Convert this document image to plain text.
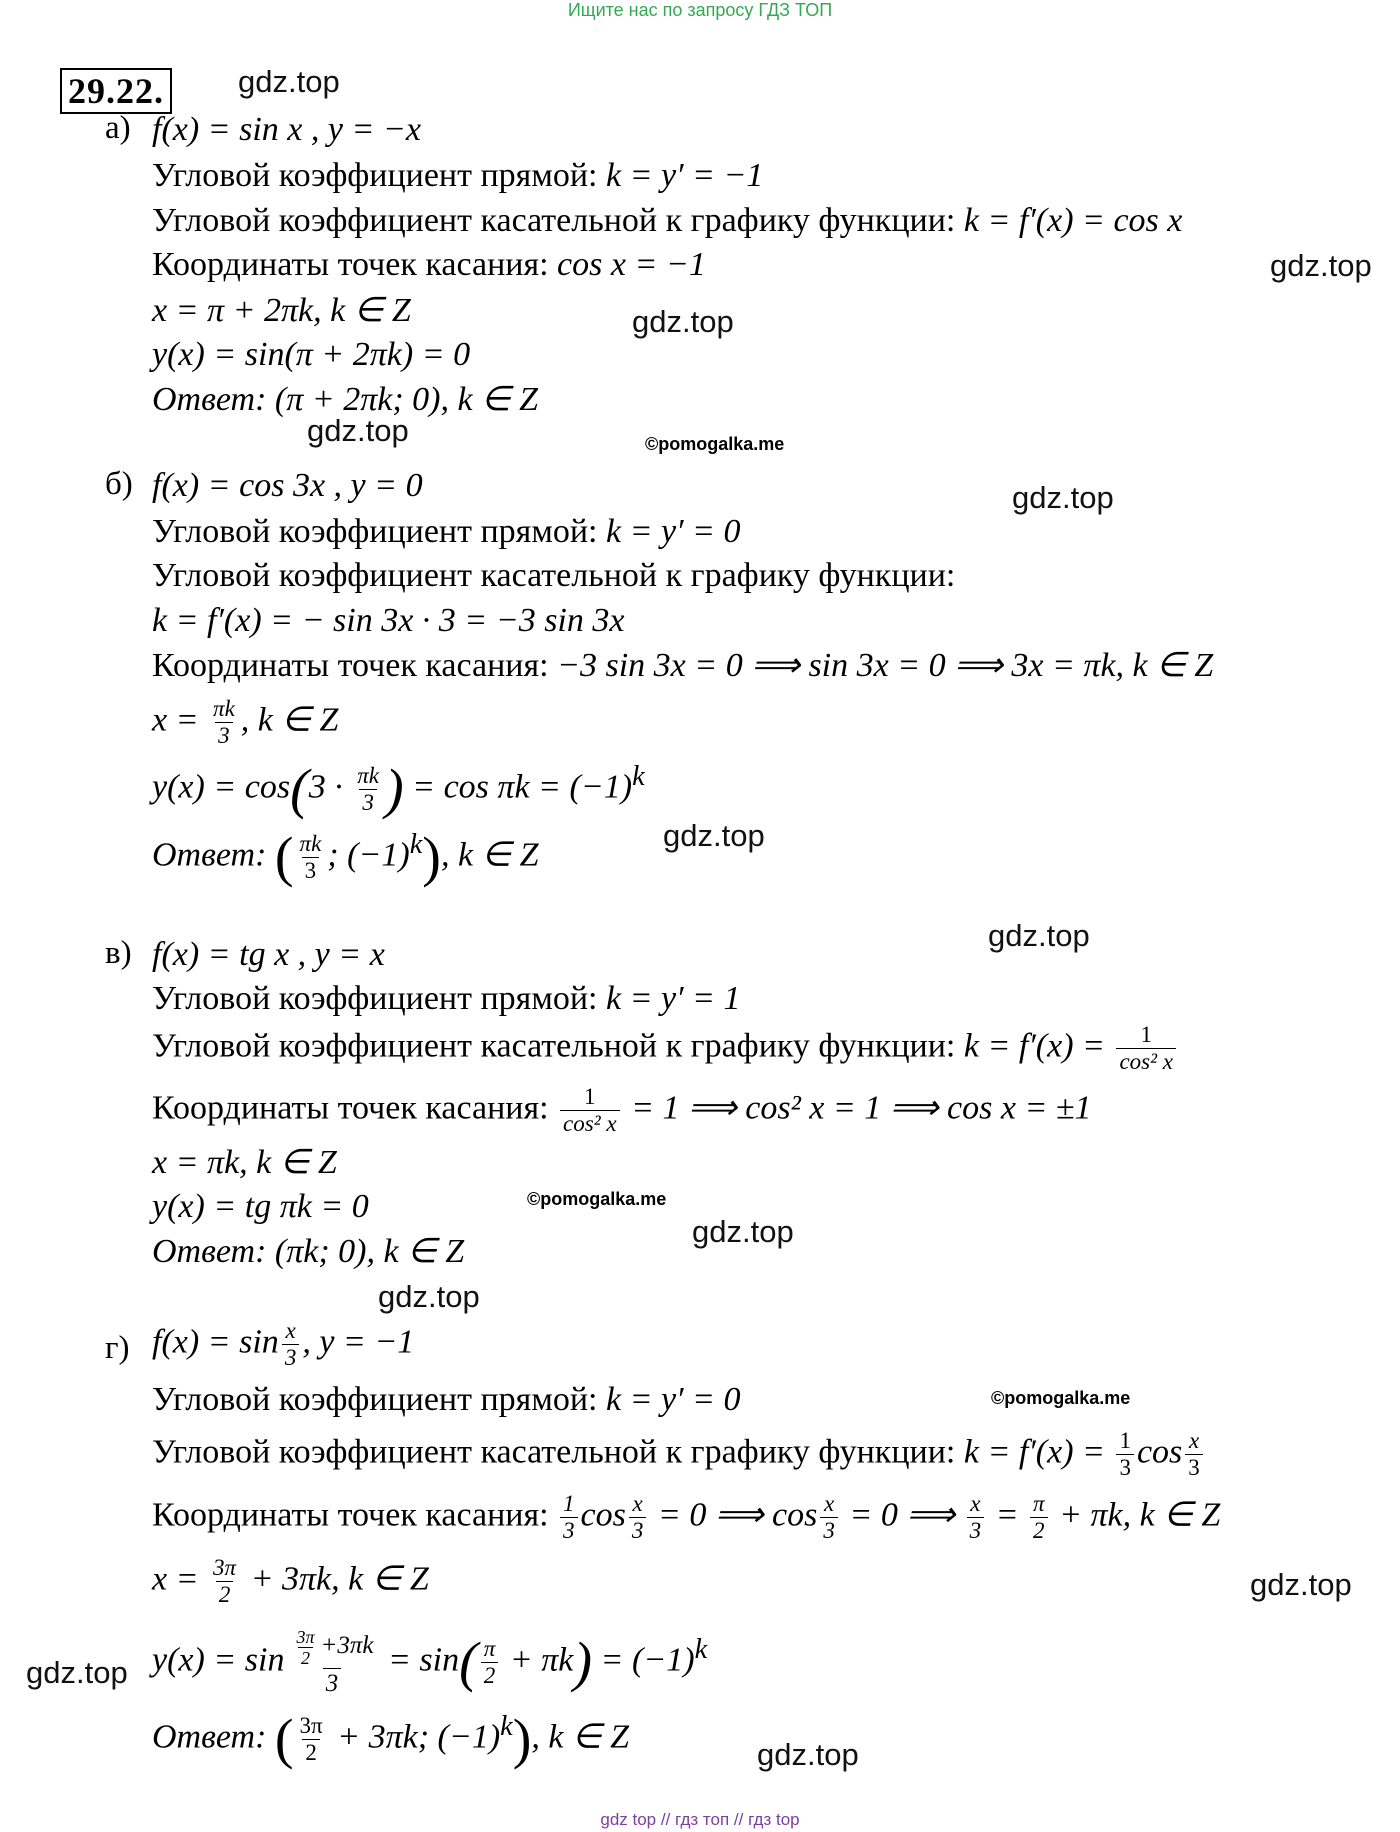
Ищите нас по запросу ГДЗ ТОП
gdz top // гдз топ // гдз top
29.22. gdz.top
gdz.top
gdz.top
gdz.top	©pomogalka.me
gdz.top
gdz.top
gdz.top
©pomogalka.me
gdz.top
gdz.top
©pomogalka.me
gdz.top
gdz.top
gdz.top
а) f(x) = sin x , y = −x
Угловой коэффициент прямой: k = y′ = −1
Угловой коэффициент касательной к графику функции: k = f′(x) = cos x
Координаты точек касания: cos x = −1
x = π + 2πk, k ∈ Z
y(x) = sin(π + 2πk) = 0
Ответ: (π + 2πk; 0), k ∈ Z
б) f(x) = cos 3x , y = 0
Угловой коэффициент прямой: k = y′ = 0
Угловой коэффициент касательной к графику функции:
k = f′(x) = − sin 3x · 3 = −3 sin 3x
Координаты точек касания: −3 sin 3x = 0 ⟹ sin 3x = 0 ⟹ 3x = πk, k ∈ Z
$x = \frac{\pi k}{3}$ , k ∈ Z
$y(x) = \cos(3 \cdot \frac{\pi k}{3}$ ) = $\cos \pi k = (-1)^k$
Ответ: ( $\frac{\pi k}{3}$ ; $(-1)^k$), k ∈ Z
в) f(x) = tg x , y = x
Угловой коэффициент прямой: k = y′ = 1
Угловой коэффициент касательной к графику функции: $k = f'(x) = \frac{1}{\text{cos² x}}$
Координаты точек касания: $\frac{1}{\text{cos² x}} = 1$ ⟹ cos² x = 1 ⟹ cos x = ±1
x = πk, k ∈ Z
y(x) = tg πk = 0
Ответ: (πk; 0), k ∈ Z
г) $f(x) = \sin \frac{x}{3}$ , y = −1
Угловой коэффициент прямой: k = y′ = 0
Угловой коэффициент касательной к графику функции: $k = f'(x) = \frac{1}{3}$ $\cos \frac{x}{3}$
Координаты точек касания: $\frac{1}{3}$ $\cos \frac{x}{3} = 0$ ⟹ $\cos \frac{x}{3} = 0$ ⟹ $\frac{x}{3} = \frac{\pi}{2} + \pi k$, k ∈ Z
$x = \frac{3\pi}{2} + 3\pi k$, k ∈ Z
$y(x) = \sin \frac{\frac{3\pi}{2} +3\pi k}{3} = \sin( \frac{\pi}{2} + \pi k) = (-1)^k$
Ответ: ( $\frac{3\pi}{2} + 3\pi k$; $(-1)^k$), k ∈ Z
